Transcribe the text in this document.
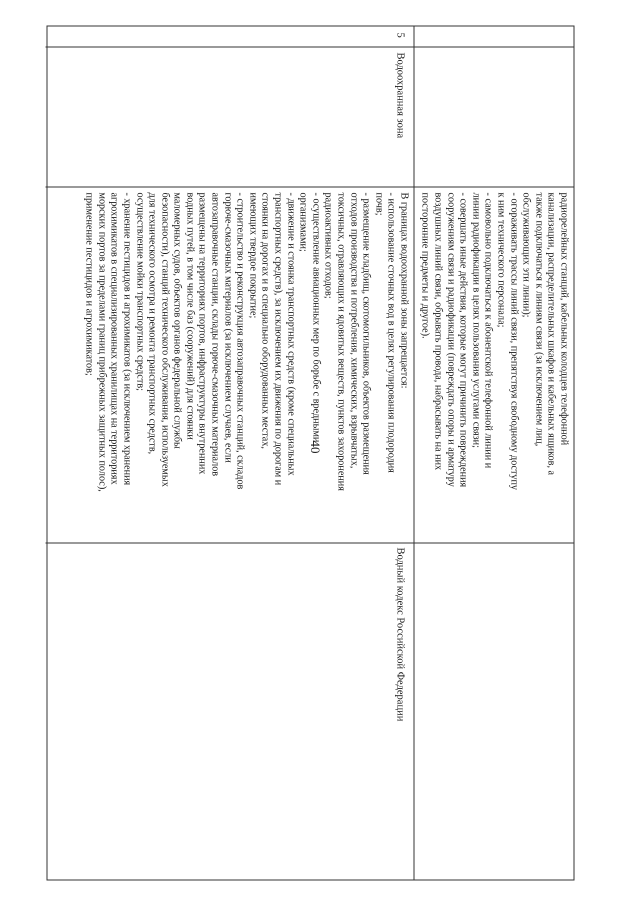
40
радиорелейных станций, кабельных колодцев телефонной
канализации, распределительных шкафов и кабельных ящиков, а
также подключаться к линиям связи (за исключением лиц,
обслуживающих эти линии);
- огораживать трассы линий связи, препятствуя свободному доступу
к ним технического персонала;
- самовольно подключаться к абонентской телефонной линии и
линии радиофикации в целях пользования услугами связи;
- совершать иные действия, которые могут причинить повреждения
сооружениям связи и радиофикации (повреждать опоры и арматуру
воздушных линий связи, обрывать провода, набрасывать на них
посторонние предметы и другое).
5
Водоохранная зона
В границах водоохранной зоны запрещается:
- использование сточных вод в целях регулирования плодородия
почв;
- размещение кладбищ, скотомогильников, объектов размещения
отходов производства и потребления, химических, взрывчатых,
токсичных, отравляющих и ядовитых веществ, пунктов захоронения
радиоактивных отходов;
- осуществление авиационных мер по борьбе с вредными
организмами;
- движение и стоянка транспортных средств (кроме специальных
транспортных средств), за исключением их движения по дорогам и
стоянки на дорогах и в специально оборудованных местах,
имеющих твердое покрытие;
- строительство и реконструкция автозаправочных станций, складов
горюче-смазочных материалов (за исключением случаев, если
автозаправочные станции, склады горюче-смазочных материалов
размещены на территориях портов, инфраструктуры внутренних
водных путей, в том числе баз (сооружений) для стоянки
маломерных судов, объектов органов федеральной службы
безопасности), станций технического обслуживания, используемых
для технического осмотра и ремонта транспортных средств,
осуществление мойки транспортных средств;
- хранение пестицидов и агрохимикатов (за исключением хранения
агрохимикатов в специализированных хранилищах на территориях
морских портов за пределами границ прибрежных защитных полос),
применение пестицидов и агрохимикатов;
Водный кодекс Российской Федерации
